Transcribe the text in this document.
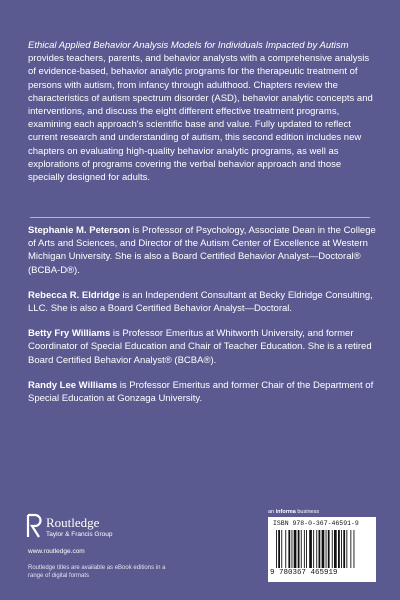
Ethical Applied Behavior Analysis Models for Individuals Impacted by Autism provides teachers, parents, and behavior analysts with a comprehensive analysis of evidence-based, behavior analytic programs for the therapeutic treatment of persons with autism, from infancy through adulthood. Chapters review the characteristics of autism spectrum disorder (ASD), behavior analytic concepts and interventions, and discuss the eight different effective treatment programs, examining each approach's scientific base and value. Fully updated to reflect current research and understanding of autism, this second edition includes new chapters on evaluating high-quality behavior analytic programs, as well as explorations of programs covering the verbal behavior approach and those specially designed for adults.

Stephanie M. Peterson is Professor of Psychology, Associate Dean in the College of Arts and Sciences, and Director of the Autism Center of Excellence at Western Michigan University. She is also a Board Certified Behavior Analyst—Doctoral® (BCBA-D®).

Rebecca R. Eldridge is an Independent Consultant at Becky Eldridge Consulting, LLC. She is also a Board Certified Behavior Analyst—Doctoral.

Betty Fry Williams is Professor Emeritus at Whitworth University, and former Coordinator of Special Education and Chair of Teacher Education. She is a retired Board Certified Behavior Analyst® (BCBA®).

Randy Lee Williams is Professor Emeritus and former Chair of the Department of Special Education at Gonzaga University.

Routledge
Taylor & Francis Group
www.routledge.com
Routledge titles are available as eBook editions in a range of digital formats
an informa business
ISBN 978-0-367-46591-9
9 780367 465919
